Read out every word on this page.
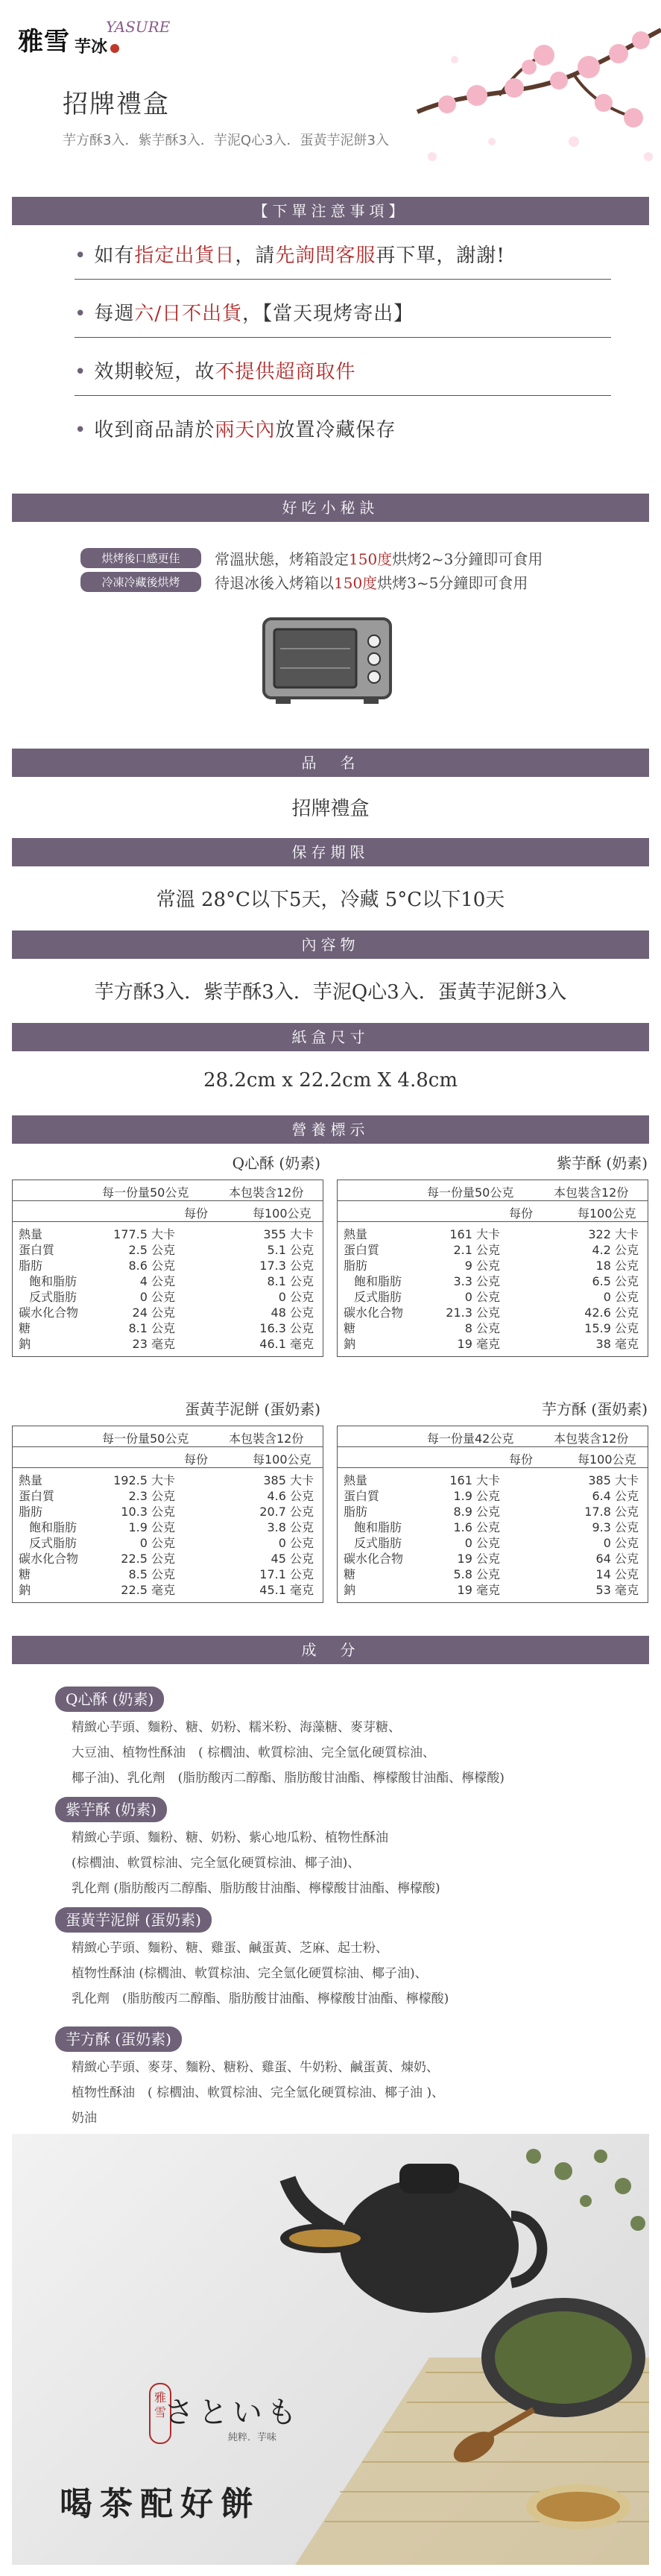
雅雪 芋冰
YASURE
招牌禮盒
芋方酥3入．紫芋酥3入．芋泥Q心3入．蛋黃芋泥餅3入
【下單注意事項】
• 如有指定出貨日，請先詢問客服再下單，謝謝!
• 每週六/日不出貨，【當天現烤寄出】
• 效期較短，故不提供超商取件
• 收到商品請於兩天內放置冷藏保存
好吃小秘訣
烘烤後口感更佳	常溫狀態，烤箱設定150度烘烤2~3分鐘即可食用
冷凍冷藏後烘烤	待退冰後入烤箱以150度烘烤3~5分鐘即可食用
品　名
招牌禮盒
保存期限
常溫 28°C以下5天，冷藏 5°C以下10天
內容物
芋方酥3入．紫芋酥3入．芋泥Q心3入．蛋黃芋泥餅3入
紙盒尺寸
28.2cm x 22.2cm X 4.8cm
營養標示
Q心酥 (奶素)
每一份量50公克	本包裝含12份
每份	每100公克
熱量	177.5 大卡	355 大卡
蛋白質	2.5 公克	5.1 公克
脂肪	8.6 公克	17.3 公克
飽和脂肪	4 公克	8.1 公克
反式脂肪	0 公克	0 公克
碳水化合物	24 公克	48 公克
糖	8.1 公克	16.3 公克
鈉	23 毫克	46.1 毫克
紫芋酥 (奶素)
每一份量50公克	本包裝含12份
每份	每100公克
熱量	161 大卡	322 大卡
蛋白質	2.1 公克	4.2 公克
脂肪	9 公克	18 公克
飽和脂肪	3.3 公克	6.5 公克
反式脂肪	0 公克	0 公克
碳水化合物	21.3 公克	42.6 公克
糖	8 公克	15.9 公克
鈉	19 毫克	38 毫克
蛋黃芋泥餅 (蛋奶素)
每一份量50公克	本包裝含12份
每份	每100公克
熱量	192.5 大卡	385 大卡
蛋白質	2.3 公克	4.6 公克
脂肪	10.3 公克	20.7 公克
飽和脂肪	1.9 公克	3.8 公克
反式脂肪	0 公克	0 公克
碳水化合物	22.5 公克	45 公克
糖	8.5 公克	17.1 公克
鈉	22.5 毫克	45.1 毫克
芋方酥 (蛋奶素)
每一份量42公克	本包裝含12份
每份	每100公克
熱量	161 大卡	385 大卡
蛋白質	1.9 公克	6.4 公克
脂肪	8.9 公克	17.8 公克
飽和脂肪	1.6 公克	9.3 公克
反式脂肪	0 公克	0 公克
碳水化合物	19 公克	64 公克
糖	5.8 公克	14 公克
鈉	19 毫克	53 毫克
成　分
Q心酥 (奶素)
精緻心芋頭、麵粉、糖、奶粉、糯米粉、海藻糖、麥芽糖、
大豆油、植物性酥油　( 棕櫚油、軟質棕油、完全氫化硬質棕油、
椰子油)、乳化劑　(脂肪酸丙二醇酯、脂肪酸甘油酯、檸檬酸甘油酯、檸檬酸)
紫芋酥 (奶素)
精緻心芋頭、麵粉、糖、奶粉、紫心地瓜粉、植物性酥油
(棕櫚油、軟質棕油、完全氫化硬質棕油、椰子油)、
乳化劑 (脂肪酸丙二醇酯、脂肪酸甘油酯、檸檬酸甘油酯、檸檬酸)
蛋黃芋泥餅 (蛋奶素)
精緻心芋頭、麵粉、糖、雞蛋、鹹蛋黃、芝麻、起士粉、
植物性酥油 (棕櫚油、軟質棕油、完全氫化硬質棕油、椰子油)、
乳化劑　(脂肪酸丙二醇酯、脂肪酸甘油酯、檸檬酸甘油酯、檸檬酸)
芋方酥 (蛋奶素)
精緻心芋頭、麥芽、麵粉、糖粉、雞蛋、牛奶粉、鹹蛋黃、煉奶、
植物性酥油　( 棕櫚油、軟質棕油、完全氫化硬質棕油、椰子油 )、
奶油
雅雪
さといも
純粹．芋味
喝茶配好餅
